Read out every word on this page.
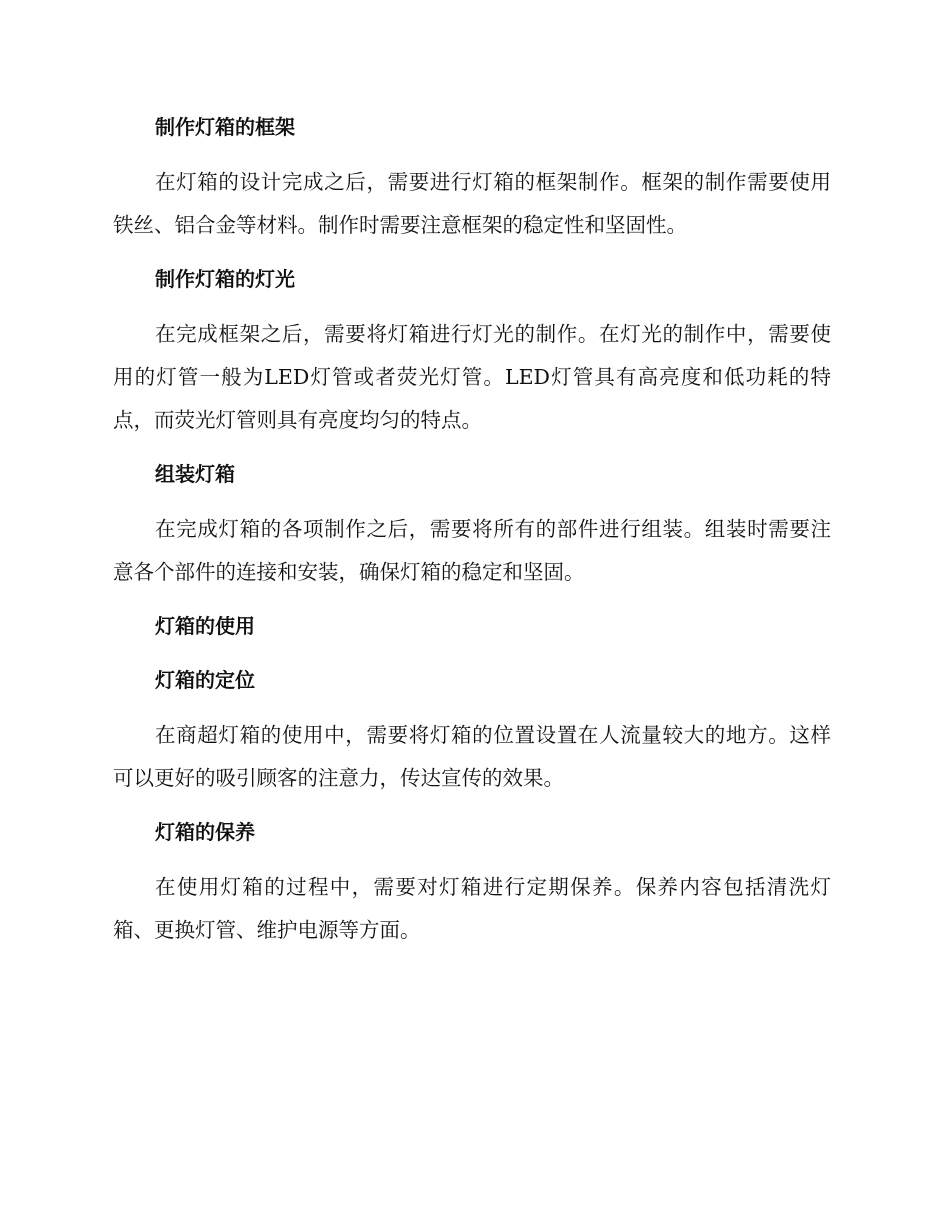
制作灯箱的框架

在灯箱的设计完成之后，需要进行灯箱的框架制作。框架的制作需要使用铁丝、铝合金等材料。制作时需要注意框架的稳定性和坚固性。

制作灯箱的灯光

在完成框架之后，需要将灯箱进行灯光的制作。在灯光的制作中，需要使用的灯管一般为LED灯管或者荧光灯管。LED灯管具有高亮度和低功耗的特点，而荧光灯管则具有亮度均匀的特点。

组装灯箱

在完成灯箱的各项制作之后，需要将所有的部件进行组装。组装时需要注意各个部件的连接和安装，确保灯箱的稳定和坚固。

灯箱的使用
灯箱的定位

在商超灯箱的使用中，需要将灯箱的位置设置在人流量较大的地方。这样可以更好的吸引顾客的注意力，传达宣传的效果。

灯箱的保养

在使用灯箱的过程中，需要对灯箱进行定期保养。保养内容包括清洗灯箱、更换灯管、维护电源等方面。
